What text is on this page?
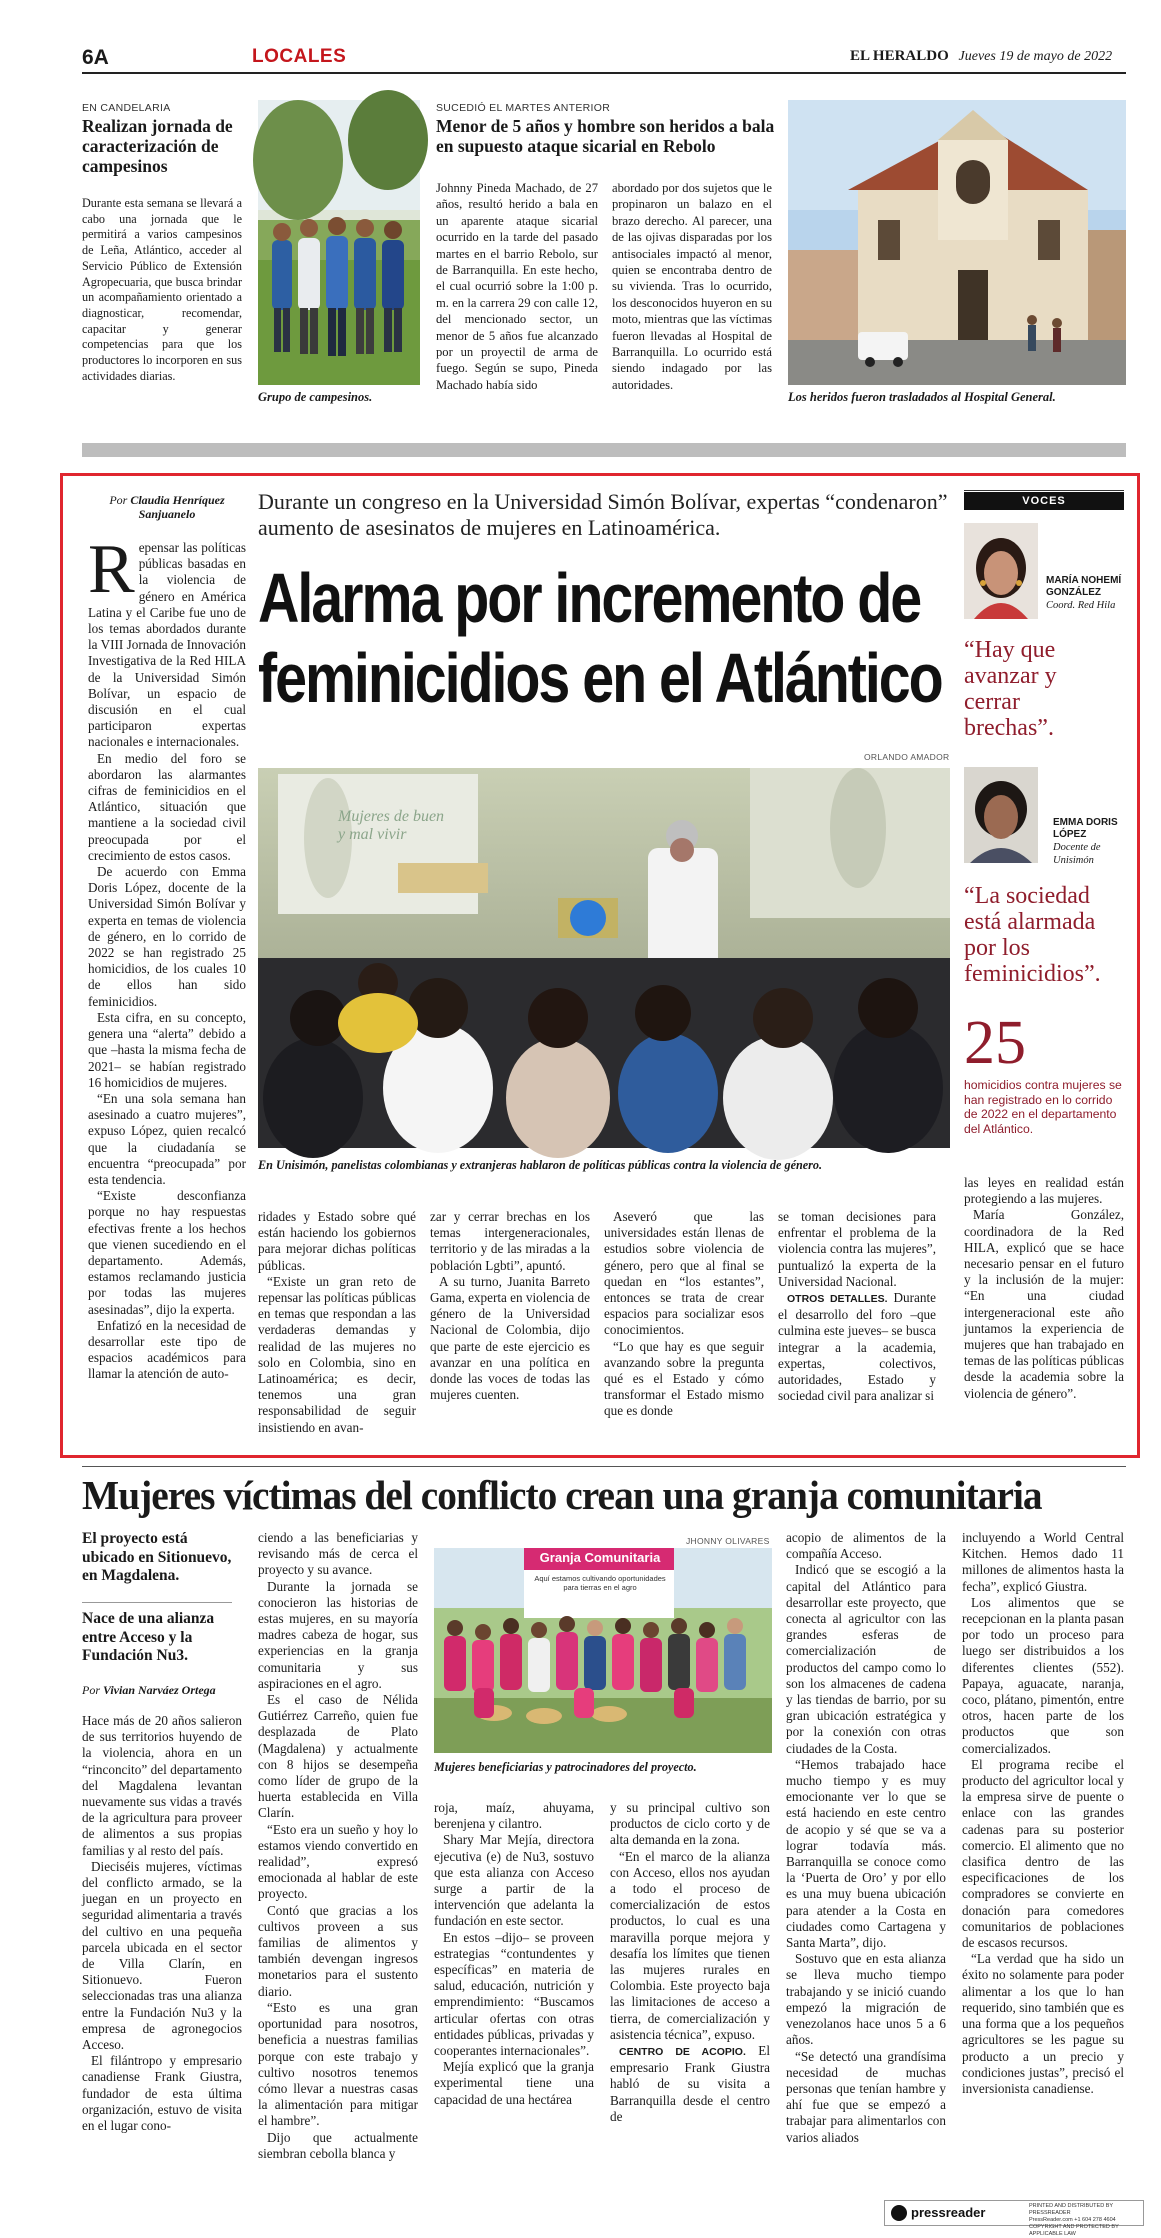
6A	LOCALES	EL HERALDO Jueves 19 de mayo de 2022
EN CANDELARIA
Realizan jornada de caracterización de campesinos
Durante esta semana se llevará a cabo una jornada que le permitirá a varios campesinos de Leña, Atlántico, acceder al Servicio Público de Extensión Agropecuaria, que busca brindar un acompañamiento orientado a diagnosticar, recomendar, capacitar y generar competencias para que los productores lo incorporen en sus actividades diarias.
Grupo de campesinos.
SUCEDIÓ EL MARTES ANTERIOR
Menor de 5 años y hombre son heridos a bala en supuesto ataque sicarial en Rebolo
Johnny Pineda Machado, de 27 años, resultó herido a bala en un aparente ataque sicarial ocurrido en la tarde del pasado martes en el barrio Rebolo, sur de Barranquilla. En este hecho, el cual ocurrió sobre la 1:00 p. m. en la carrera 29 con calle 12, del mencionado sector, un menor de 5 años fue alcanzado por un proyectil de arma de fuego. Según se supo, Pineda Machado había sido
abordado por dos sujetos que le propinaron un balazo en el brazo derecho. Al parecer, una de las ojivas disparadas por los antisociales impactó al menor, quien se encontraba dentro de su vivienda. Tras lo ocurrido, los desconocidos huyeron en su moto, mientras que las víctimas fueron llevadas al Hospital de Barranquilla. Lo ocurrido está siendo indagado por las autoridades.
Los heridos fueron trasladados al Hospital General.
Por Claudia Henríquez Sanjuanelo

Repensar las políticas públicas basadas en la violencia de género en América Latina y el Caribe fue uno de los temas abordados durante la VIII Jornada de Innovación Investigativa de la Red HILA de la Universidad Simón Bolívar, un espacio de discusión en el cual participaron expertas nacionales e internacionales.

En medio del foro se abordaron las alarmantes cifras de feminicidios en el Atlántico, situación que mantiene a la sociedad civil preocupada por el crecimiento de estos casos.

De acuerdo con Emma Doris López, docente de la Universidad Simón Bolívar y experta en temas de violencia de género, en lo corrido de 2022 se han registrado 25 homicidios, de los cuales 10 de ellos han sido feminicidios.

Esta cifra, en su concepto, genera una “alerta” debido a que –hasta la misma fecha de 2021– se habían registrado 16 homicidios de mujeres.

“En una sola semana han asesinado a cuatro mujeres”, expuso López, quien recalcó que la ciudadanía se encuentra “preocupada” por esta tendencia.

“Existe desconfianza porque no hay respuestas efectivas frente a los hechos que vienen sucediendo en el departamento. Además, estamos reclamando justicia por todas las mujeres asesinadas”, dijo la experta.

Enfatizó en la necesidad de desarrollar este tipo de espacios académicos para llamar la atención de auto-

Durante un congreso en la Universidad Simón Bolívar, expertas “condenaron” aumento de asesinatos de mujeres en Latinoamérica.
Alarma por incremento de
feminicidios en el Atlántico
ORLANDO AMADOR
Mujeres de buen y mal vivir
En Unisimón, panelistas colombianas y extranjeras hablaron de políticas públicas contra la violencia de género.

ridades y Estado sobre qué están haciendo los gobiernos para mejorar dichas políticas públicas.

“Existe un gran reto de repensar las políticas públicas en temas que respondan a las verdaderas demandas y realidad de las mujeres no solo en Colombia, sino en Latinoamérica; es decir, tenemos una gran responsabilidad de seguir insistiendo en avan-

zar y cerrar brechas en los temas intergeneracionales, territorio y de las miradas a la población Lgbti”, apuntó.

A su turno, Juanita Barreto Gama, experta en violencia de género de la Universidad Nacional de Colombia, dijo que parte de este ejercicio es avanzar en una política en donde las voces de todas las mujeres cuenten.

Aseveró que las universidades están llenas de estudios sobre violencia de género, pero que al final se quedan en “los estantes”, entonces se trata de crear espacios para socializar esos conocimientos.

“Lo que hay es que seguir avanzando sobre la pregunta qué es el Estado y cómo transformar el Estado mismo que es donde

se toman decisiones para enfrentar el problema de la violencia contra las mujeres”, puntualizó la experta de la Universidad Nacional.

OTROS DETALLES. Durante el desarrollo del foro –que culmina este jueves– se busca integrar a la academia, expertas, colectivos, autoridades, Estado y sociedad civil para analizar si

las leyes en realidad están protegiendo a las mujeres.

María González, coordinadora de la Red HILA, explicó que se hace necesario pensar en el futuro y la inclusión de la mujer: “En una ciudad intergeneracional este año juntamos la experiencia de mujeres que han trabajado en temas de las políticas públicas desde la academia sobre la violencia de género”.

VOCES
MARÍA NOHEMÍ GONZÁLEZ
Coord. Red Hila
“Hay que avanzar y cerrar brechas”.
EMMA DORIS LÓPEZ
Docente de Unisimón
“La sociedad está alarmada por los feminicidios”.
25
homicidios contra mujeres se han registrado en lo corrido de 2022 en el departamento del Atlántico.
Mujeres víctimas del conflicto crean una granja comunitaria
El proyecto está ubicado en Sitionuevo, en Magdalena.
Nace de una alianza entre Acceso y la Fundación Nu3.
Por Vivian Narváez Ortega

Hace más de 20 años salieron de sus territorios huyendo de la violencia, ahora en un “rinconcito” del departamento del Magdalena levantan nuevamente sus vidas a través de la agricultura para proveer de alimentos a sus propias familias y al resto del país.

Dieciséis mujeres, víctimas del conflicto armado, se la juegan en un proyecto en seguridad alimentaria a través del cultivo en una pequeña parcela ubicada en el sector de Villa Clarín, en Sitionuevo. Fueron seleccionadas tras una alianza entre la Fundación Nu3 y la empresa de agronegocios Acceso.

El filántropo y empresario canadiense Frank Giustra, fundador de esta última organización, estuvo de visita en el lugar cono-

ciendo a las beneficiarias y revisando más de cerca el proyecto y su avance.

Durante la jornada se conocieron las historias de estas mujeres, en su mayoría madres cabeza de hogar, sus experiencias en la granja comunitaria y sus aspiraciones en el agro.

Es el caso de Nélida Gutiérrez Carreño, quien fue desplazada de Plato (Magdalena) y actualmente con 8 hijos se desempeña como líder de grupo de la huerta establecida en Villa Clarín.

“Esto era un sueño y hoy lo estamos viendo convertido en realidad”, expresó emocionada al hablar de este proyecto.

Contó que gracias a los cultivos proveen a sus familias de alimentos y también devengan ingresos monetarios para el sustento diario.

“Esto es una gran oportunidad para nosotros, beneficia a nuestras familias porque con este trabajo y cultivo nosotros tenemos cómo llevar a nuestras casas la alimentación para mitigar el hambre”.

Dijo que actualmente siembran cebolla blanca y

JHONNY OLIVARES
Granja Comunitaria
Aquí estamos cultivando oportunidades para tierras en el agro
Mujeres beneficiarias y patrocinadores del proyecto.

roja, maíz, ahuyama, berenjena y cilantro.

Shary Mar Mejía, directora ejecutiva (e) de Nu3, sostuvo que esta alianza con Acceso surge a partir de la intervención que adelanta la fundación en este sector.

En estos –dijo– se proveen estrategias “contundentes y específicas” en materia de salud, educación, nutrición y emprendimiento: “Buscamos articular ofertas con otras entidades públicas, privadas y cooperantes internacionales”.

Mejía explicó que la granja experimental tiene una capacidad de una hectárea

y su principal cultivo son productos de ciclo corto y de alta demanda en la zona.

“En el marco de la alianza con Acceso, ellos nos ayudan a todo el proceso de comercialización de estos productos, lo cual es una maravilla porque mejora y desafía los límites que tienen las mujeres rurales en Colombia. Este proyecto baja las limitaciones de acceso a tierra, de comercialización y asistencia técnica”, expuso.

CENTRO DE ACOPIO. El empresario Frank Giustra habló de su visita a Barranquilla desde el centro de

acopio de alimentos de la compañía Acceso.

Indicó que se escogió a la capital del Atlántico para desarrollar este proyecto, que conecta al agricultor con las grandes esferas de comercialización de productos del campo como lo son los almacenes de cadena y las tiendas de barrio, por su gran ubicación estratégica y por la conexión con otras ciudades de la Costa.

“Hemos trabajado hace mucho tiempo y es muy emocionante ver lo que se está haciendo en este centro de acopio y sé que se va a lograr todavía más. Barranquilla se conoce como la ‘Puerta de Oro’ y por ello es una muy buena ubicación para atender a la Costa en ciudades como Cartagena y Santa Marta”, dijo.

Sostuvo que en esta alianza se lleva mucho tiempo trabajando y se inició cuando empezó la migración de venezolanos hace unos 5 a 6 años.

“Se detectó una grandísima necesidad de muchas personas que tenían hambre y ahí fue que se empezó a trabajar para alimentarlos con varios aliados

incluyendo a World Central Kitchen. Hemos dado 11 millones de alimentos hasta la fecha”, explicó Giustra.

Los alimentos que se recepcionan en la planta pasan por todo un proceso para luego ser distribuidos a los diferentes clientes (552). Papaya, aguacate, naranja, coco, plátano, pimentón, entre otros, hacen parte de los productos que son comercializados.

El programa recibe el producto del agricultor local y la empresa sirve de puente o enlace con las grandes cadenas para su posterior comercio. El alimento que no clasifica dentro de las especificaciones de los compradores se convierte en donación para comedores comunitarios de poblaciones de escasos recursos.

“La verdad que ha sido un éxito no solamente para poder alimentar a los que lo han requerido, sino también que es una forma que a los pequeños agricultores se les pague su producto a un precio y condiciones justas”, precisó el inversionista canadiense.

pressreader	PRINTED AND DISTRIBUTED BY PRESSREADER
PressReader.com +1 604 278 4604
COPYRIGHT AND PROTECTED BY APPLICABLE LAW
